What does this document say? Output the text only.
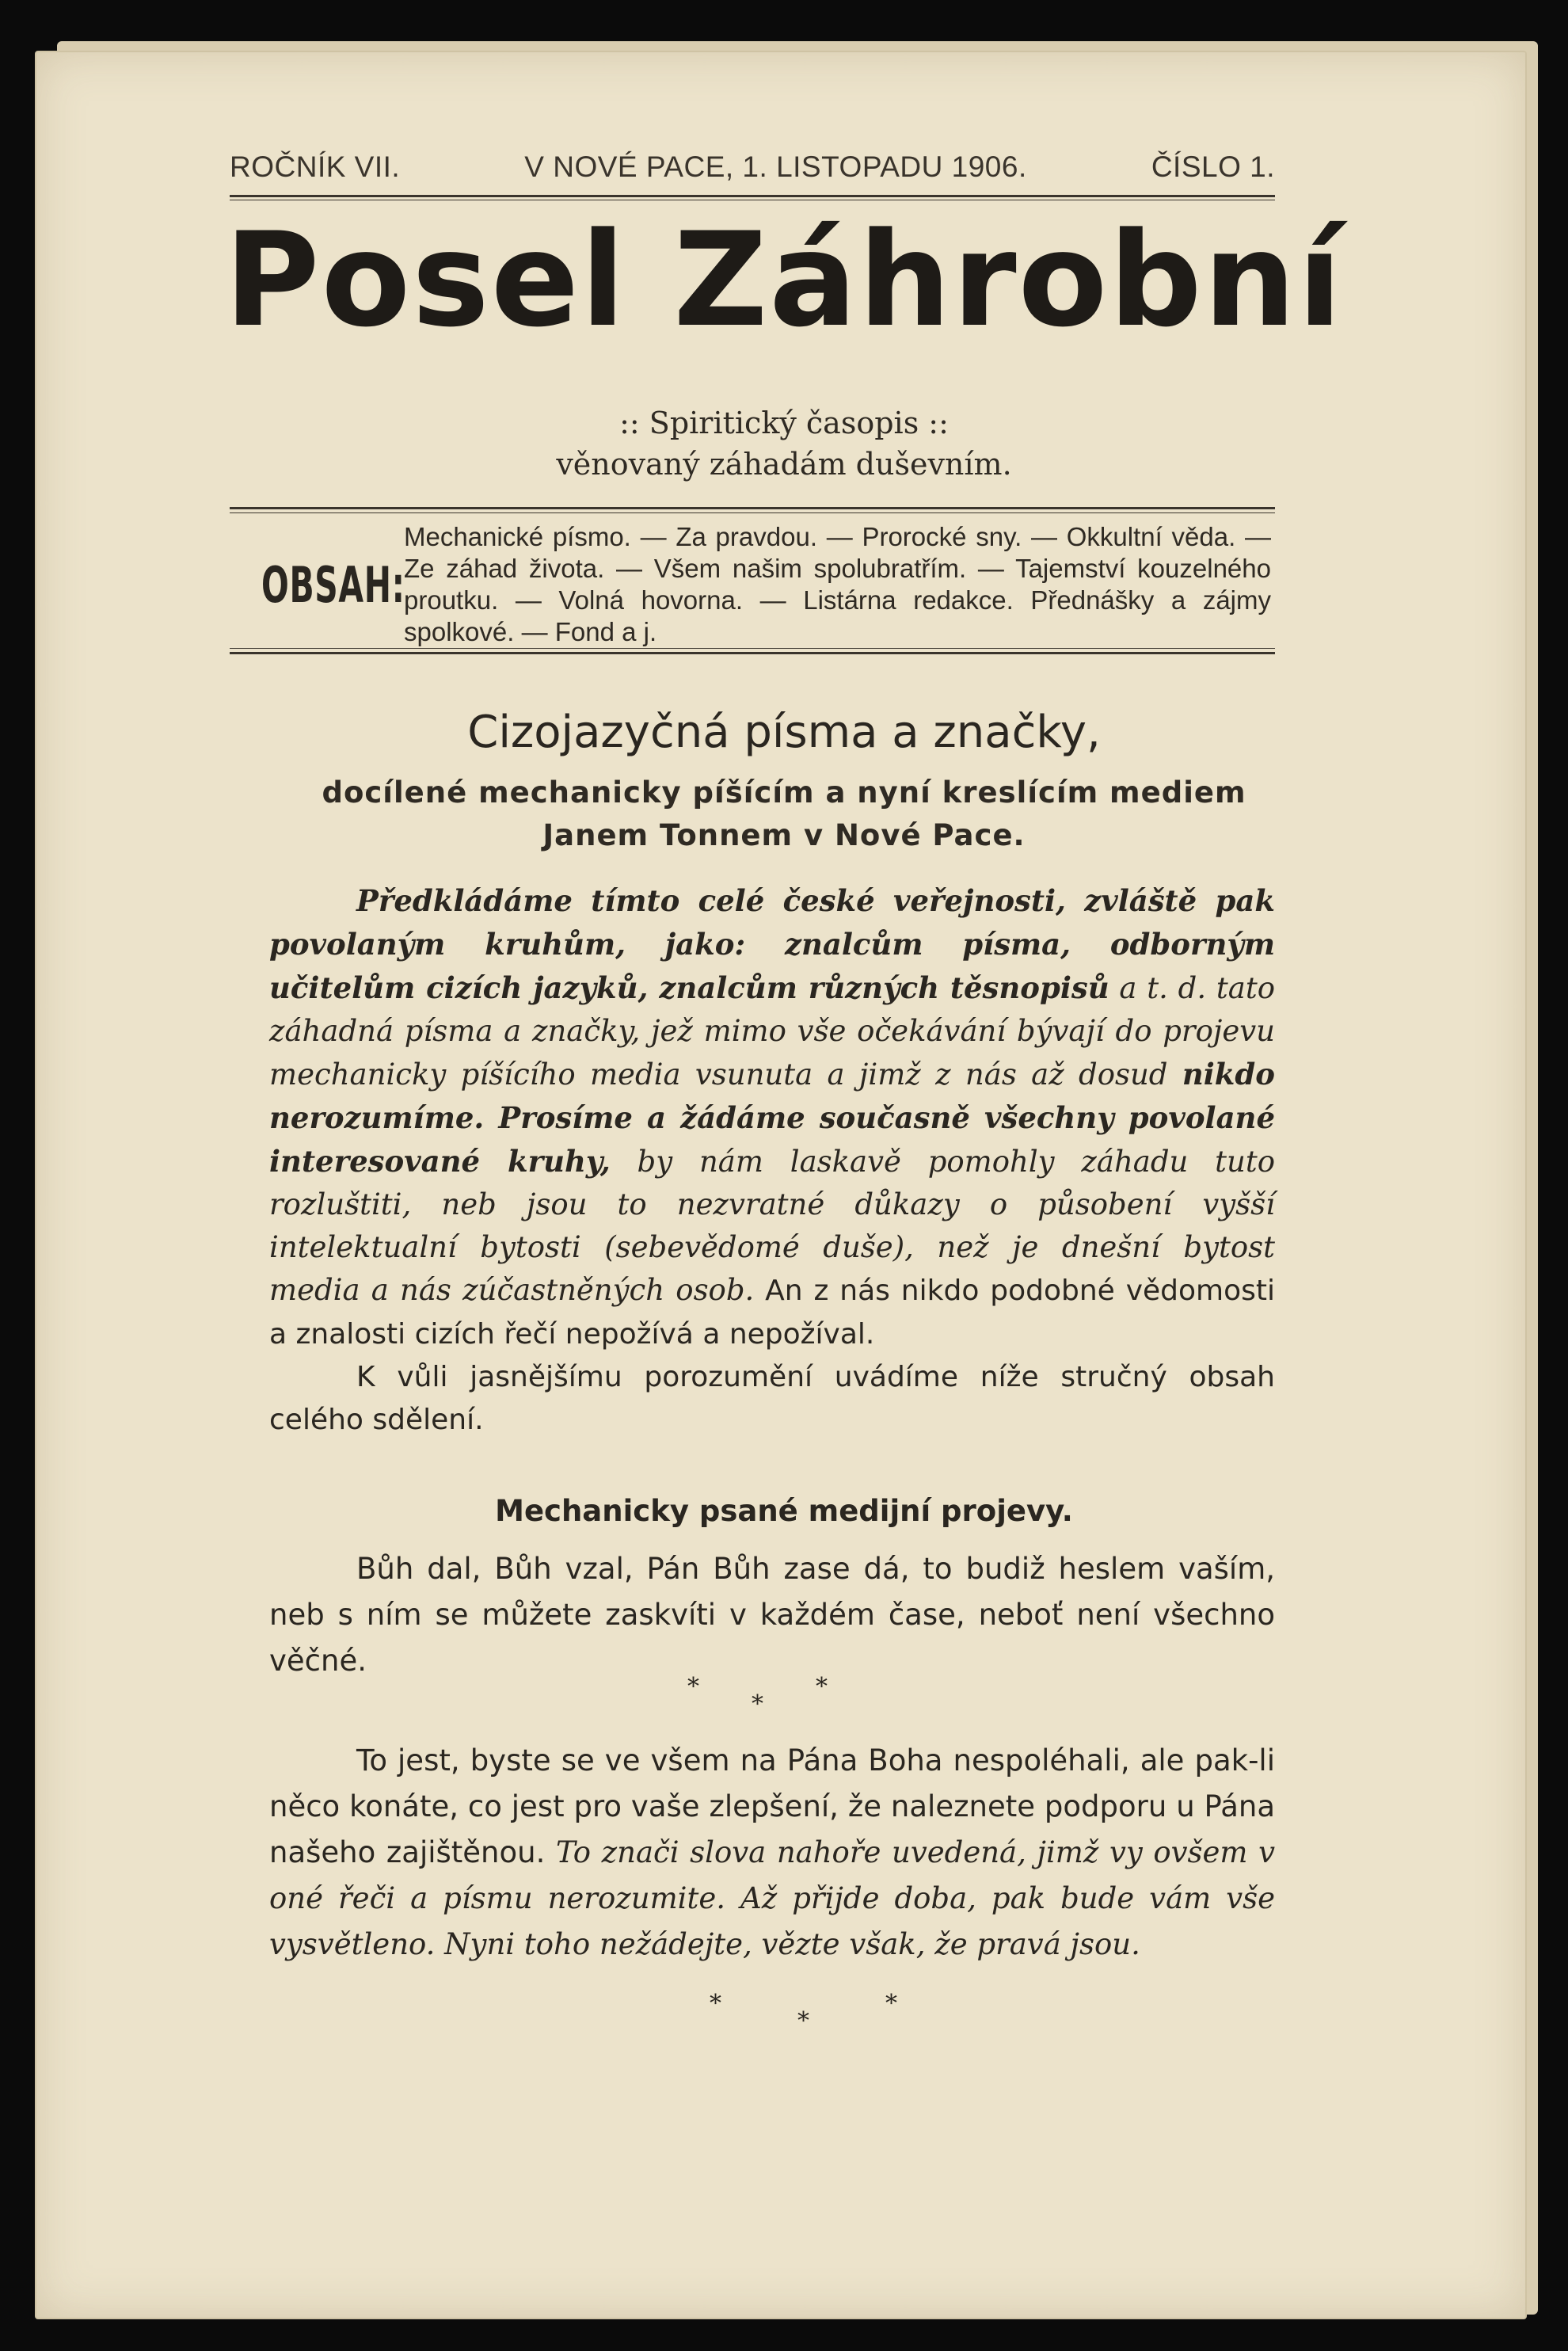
ROČNÍK VII.	V NOVÉ PACE, 1. LISTOPADU 1906.	ČÍSLO 1.
Posel Záhrobní
:: Spiritický časopis ::
věnovaný záhadám duševním.
OBSAH:
Mechanické písmo. — Za pravdou. — Prorocké sny. — Okkultní věda. — Ze záhad života. — Všem našim spolubratřím. — Tajemství kouzelného proutku. — Volná hovorna. — Listárna redakce. Přednášky a zájmy spolkové. — Fond a j.
Cizojazyčná písma a značky,
docílené mechanicky píšícím a nyní kreslícím mediem
Janem Tonnem v Nové Pace.

Předkládáme tímto celé české veřejnosti, zvláště pak povolaným kruhům, jako: znalcům písma, odborným učitelům cizích jazyků, znalcům různých těsnopisů a t. d. tato záhadná písma a značky, jež mimo vše očekávání bývají do projevu mechanicky píšícího media vsunuta a jimž z nás až dosud nikdo nerozumíme. Prosíme a žádáme současně všechny povolané interesované kruhy, by nám laskavě pomohly záhadu tuto rozluštiti, neb jsou to nezvratné důkazy o působení vyšší intelektualní bytosti (sebevědomé duše), než je dnešní bytost media a nás zúčastněných osob. An z nás nikdo podobné vědomosti a znalosti cizích řečí nepožívá a nepožíval.

K vůli jasnějšímu porozumění uvádíme níže stručný obsah celého sdělení.

Mechanicky psané medijní projevy.

Bůh dal, Bůh vzal, Pán Bůh zase dá, to budiž heslem vaším, neb s ním se můžete zaskvíti v každém čase, neboť není všechno věčné.

***

To jest, byste se ve všem na Pána Boha nespoléhali, ale pak-li něco konáte, co jest pro vaše zlepšení, že naleznete podporu u Pána našeho zajištěnou. To znači slova nahoře uvedená, jimž vy ovšem v oné řeči a písmu nerozumite. Až přijde doba, pak bude vám vše vysvětleno. Nyni toho nežádejte, vězte však, že pravá jsou.

***
